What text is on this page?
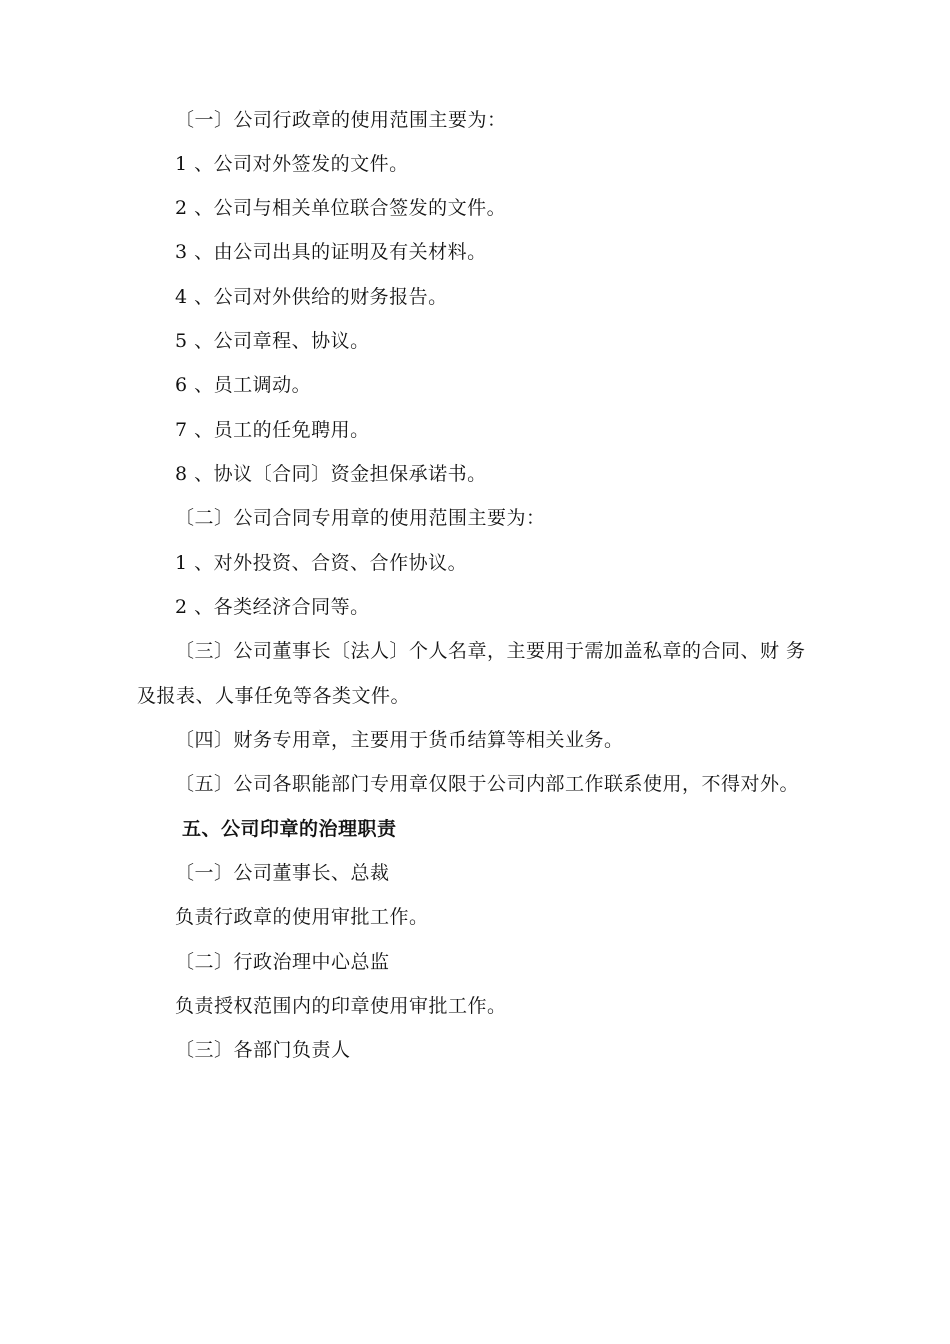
〔一〕公司行政章的使用范围主要为：
1 、公司对外签发的文件。
2 、公司与相关单位联合签发的文件。
3 、由公司出具的证明及有关材料。
4 、公司对外供给的财务报告。
5 、公司章程、协议。
6 、员工调动。
7 、员工的任免聘用。
8 、协议〔合同〕资金担保承诺书。
〔二〕公司合同专用章的使用范围主要为：
1 、对外投资、合资、合作协议。
2 、各类经济合同等。
〔三〕公司董事长〔法人〕个人名章，主要用于需加盖私章的合同、财 务
及报表、人事任免等各类文件。
〔四〕财务专用章，主要用于货币结算等相关业务。
〔五〕公司各职能部门专用章仅限于公司内部工作联系使用，不得对外。
五、公司印章的治理职责
〔一〕公司董事长、总裁
负责行政章的使用审批工作。
〔二〕行政治理中心总监
负责授权范围内的印章使用审批工作。
〔三〕各部门负责人
